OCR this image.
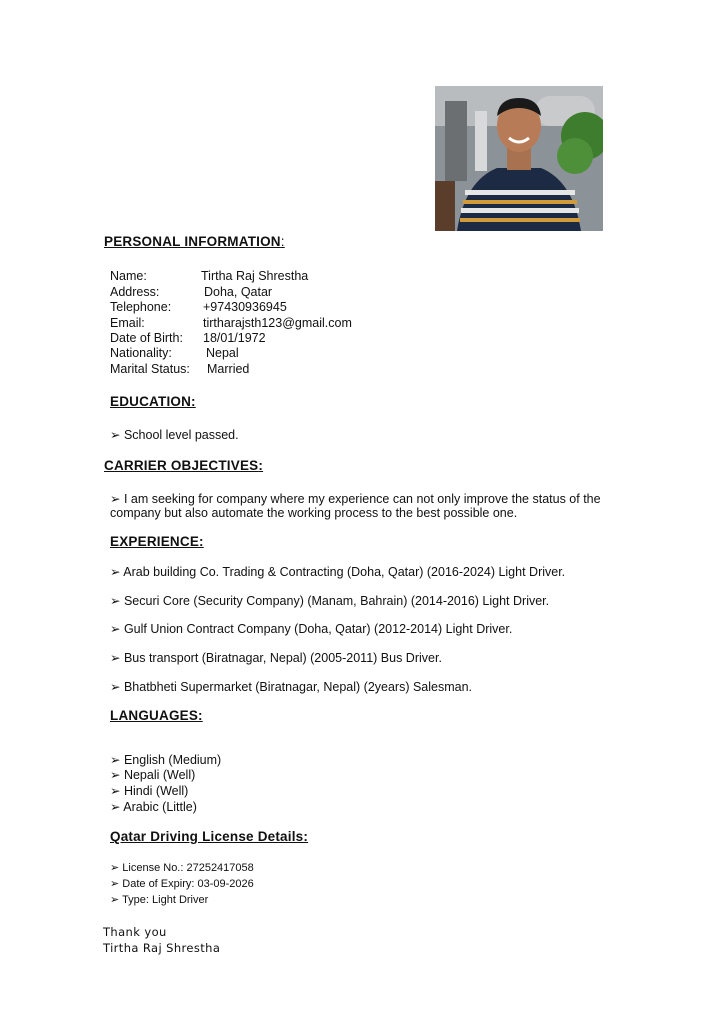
PERSONAL INFORMATION:
Name:	Tirtha Raj Shrestha
Address:	Doha, Qatar
Telephone:	+97430936945
Email:	tirtharajsth123@gmail.com
Date of Birth: 18/01/1972
Nationality:	Nepal
Marital Status: Married
EDUCATION:
➢ School level passed.
CARRIER OBJECTIVES:
➢ I am seeking for company where my experience can not only improve the status of the
company but also automate the working process to the best possible one.
EXPERIENCE:
➢ Arab building Co. Trading & Contracting (Doha, Qatar) (2016-2024) Light Driver.
➢ Securi Core (Security Company) (Manam, Bahrain) (2014-2016) Light Driver.
➢ Gulf Union Contract Company (Doha, Qatar) (2012-2014) Light Driver.
➢ Bus transport (Biratnagar, Nepal) (2005-2011) Bus Driver.
➢ Bhatbheti Supermarket (Biratnagar, Nepal) (2years) Salesman.
LANGUAGES:
➢ English (Medium)
➢ Nepali (Well)
➢ Hindi (Well)
➢ Arabic (Little)
Qatar Driving License Details:
➢ License No.: 27252417058
➢ Date of Expiry: 03-09-2026
➢ Type: Light Driver
Thank you
Tirtha Raj Shrestha
